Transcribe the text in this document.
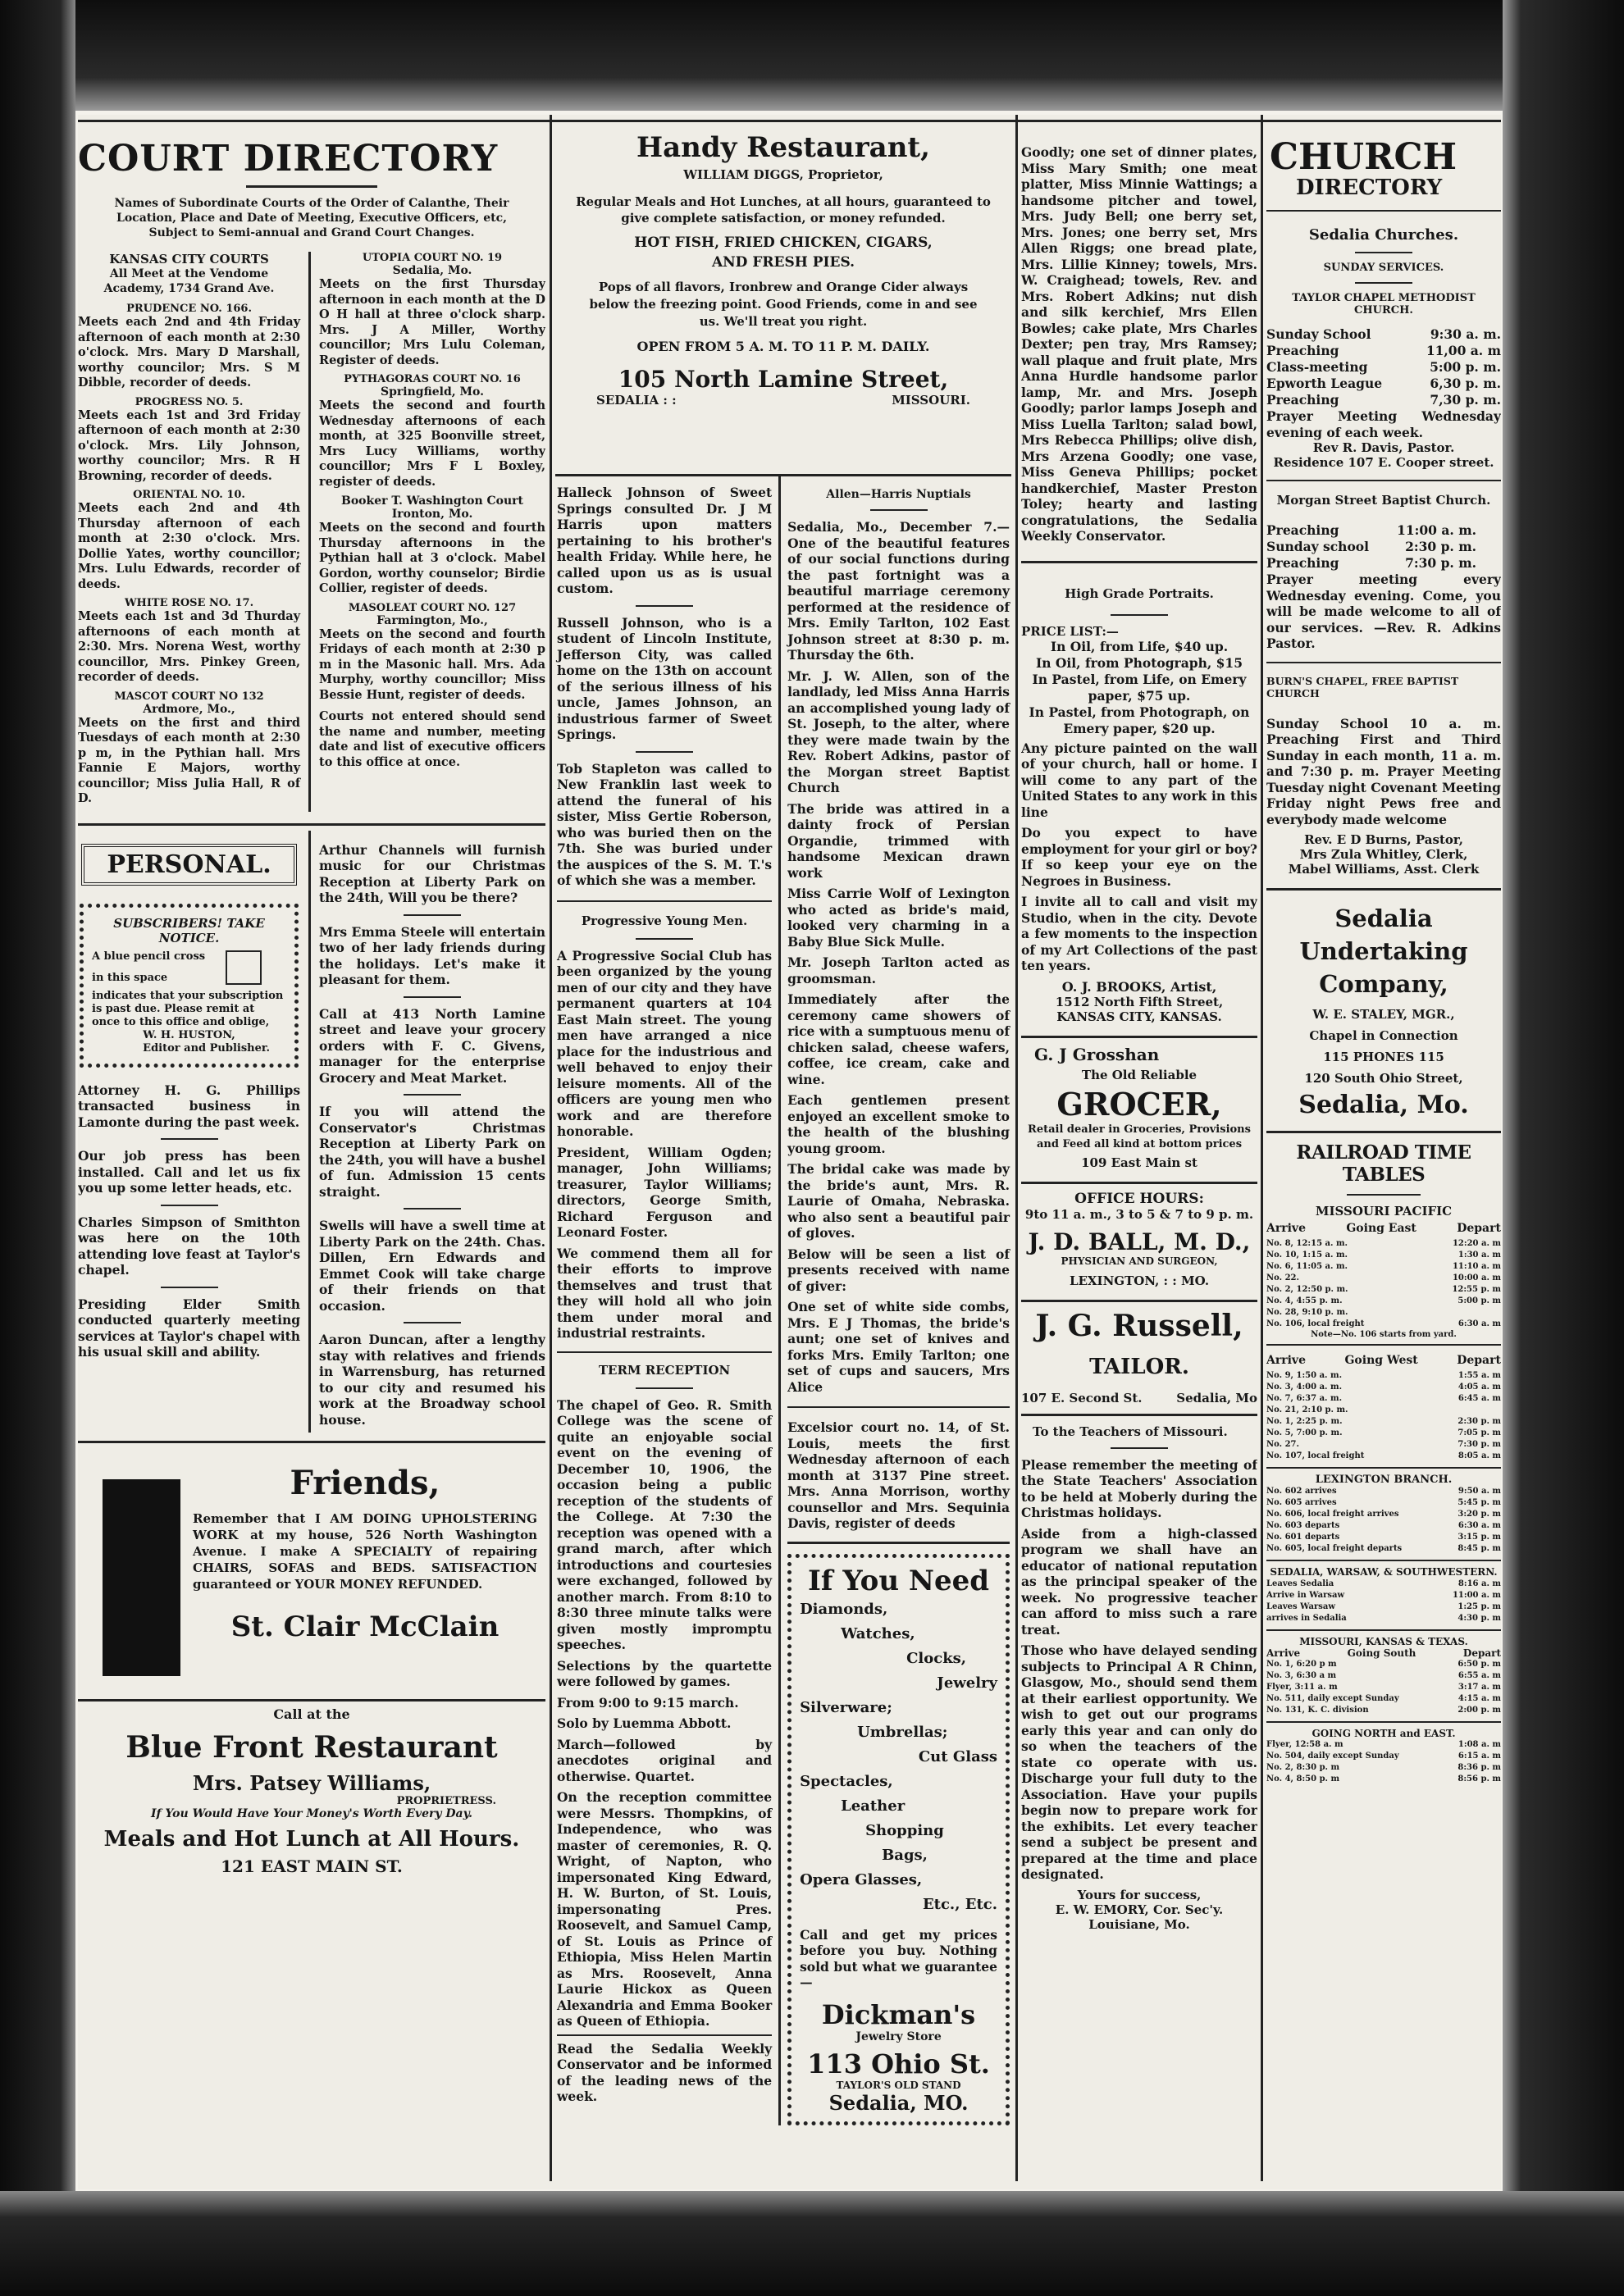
COURT DIRECTORY
Names of Subordinate Courts of the Order of Calanthe, Their Location, Place and Date of Meeting, Executive Officers, etc, Subject to Semi-annual and Grand Court Changes.
KANSAS CITY COURTS
All Meet at the Vendome Academy, 1734 Grand Ave.
PRUDENCE NO. 166.

Meets each 2nd and 4th Friday afternoon of each month at 2:30 o'clock. Mrs. Mary D Marshall, worthy councilor; Mrs. S M Dibble, recorder of deeds.

PROGRESS NO. 5.

Meets each 1st and 3rd Friday afternoon of each month at 2:30 o'clock. Mrs. Lily Johnson, worthy councilor; Mrs. R H Browning, recorder of deeds.

ORIENTAL NO. 10.

Meets each 2nd and 4th Thursday afternoon of each month at 2:30 o'clock. Mrs. Dollie Yates, worthy councillor; Mrs. Lulu Edwards, recorder of deeds.

WHITE ROSE NO. 17.

Meets each 1st and 3d Thurday afternoons of each month at 2:30. Mrs. Norena West, worthy councillor, Mrs. Pinkey Green, recorder of deeds.

MASCOT COURT NO 132
Ardmore, Mo.,

Meets on the first and third Tuesdays of each month at 2:30 p m, in the Pythian hall. Mrs Fannie E Majors, worthy councillor; Miss Julia Hall, R of D.

UTOPIA COURT NO. 19
Sedalia, Mo.

Meets on the first Thursday afternoon in each month at the D O H hall at three o'clock sharp. Mrs. J A Miller, Worthy councillor; Mrs Lulu Coleman, Register of deeds.

PYTHAGORAS COURT NO. 16
Springfield, Mo.

Meets the second and fourth Wednesday afternoons of each month, at 325 Boonville street, Mrs Lucy Williams, worthy councillor; Mrs F L Boxley, register of deeds.

Booker T. Washington Court
Ironton, Mo.

Meets on the second and fourth Thursday afternoons in the Pythian hall at 3 o'clock. Mabel Gordon, worthy counselor; Birdie Collier, register of deeds.

MASOLEAT COURT NO. 127
Farmington, Mo.,

Meets on the second and fourth Fridays of each month at 2:30 p m in the Masonic hall. Mrs. Ada Murphy, worthy councillor; Miss Bessie Hunt, register of deeds.

Courts not entered should send the name and number, meeting date and list of executive officers to this office at once.

PERSONAL.
SUBSCRIBERS! TAKE NOTICE.
A blue pencil cross
in this space
indicates that your subscription is past due. Please remit at once to this office and oblige,
W. H. HUSTON,
Editor and Publisher.

Attorney H. G. Phillips transacted business in Lamonte during the past week.

Our job press has been installed. Call and let us fix you up some letter heads, etc.

Charles Simpson of Smithton was here on the 10th attending love feast at Taylor's chapel.

Presiding Elder Smith conducted quarterly meeting services at Taylor's chapel with his usual skill and ability.

Arthur Channels will furnish music for our Christmas Reception at Liberty Park on the 24th, Will you be there?

Mrs Emma Steele will entertain two of her lady friends during the holidays. Let's make it pleasant for them.

Call at 413 North Lamine street and leave your grocery orders with F. C. Givens, manager for the enterprise Grocery and Meat Market.

If you will attend the Conservator's Christmas Reception at Liberty Park on the 24th, you will have a bushel of fun. Admission 15 cents straight.

Swells will have a swell time at Liberty Park on the 24th. Chas. Dillen, Ern Edwards and Emmet Cook will take charge of their friends on that occasion.

Aaron Duncan, after a lengthy stay with relatives and friends in Warrensburg, has returned to our city and resumed his work at the Broadway school house.

Friends,
Remember that I AM DOING UPHOLSTERING WORK at my house, 526 North Washington Avenue. I make A SPECIALTY of repairing CHAIRS, SOFAS and BEDS. SATISFACTION guaranteed or YOUR MONEY REFUNDED.
St. Clair McClain
Call at the
Blue Front Restaurant
Mrs. Patsey Williams,
PROPRIETRESS.
If You Would Have Your Money's Worth Every Day.
Meals and Hot Lunch at All Hours.
121 EAST MAIN ST.
Handy Restaurant,
WILLIAM DIGGS, Proprietor,
Regular Meals and Hot Lunches, at all hours, guaranteed to give complete satisfaction, or money refunded.
HOT FISH, FRIED CHICKEN, CIGARS, AND FRESH PIES.
Pops of all flavors, Ironbrew and Orange Cider always below the freezing point. Good Friends, come in and see us. We'll treat you right.
OPEN FROM 5 A. M. TO 11 P. M. DAILY.
105 North Lamine Street,
SEDALIA : :	MISSOURI.

Halleck Johnson of Sweet Springs consulted Dr. J M Harris upon matters pertaining to his brother's health Friday. While here, he called upon us as is usual custom.

Russell Johnson, who is a student of Lincoln Institute, Jefferson City, was called home on the 13th on account of the serious illness of his uncle, James Johnson, an industrious farmer of Sweet Springs.

Tob Stapleton was called to New Franklin last week to attend the funeral of his sister, Miss Gertie Roberson, who was buried then on the 7th. She was buried under the auspices of the S. M. T.'s of which she was a member.

Progressive Young Men.

A Progressive Social Club has been organized by the young men of our city and they have permanent quarters at 104 East Main street. The young men have arranged a nice place for the industrious and well behaved to enjoy their leisure moments. All of the officers are young men who work and are therefore honorable.

President, William Ogden; manager, John Williams; treasurer, Taylor Williams; directors, George Smith, Richard Ferguson and Leonard Foster.

We commend them all for their efforts to improve themselves and trust that they will hold all who join them under moral and industrial restraints.

TERM RECEPTION

The chapel of Geo. R. Smith College was the scene of quite an enjoyable social event on the evening of December 10, 1906, the occasion being a public reception of the students of the College. At 7:30 the reception was opened with a grand march, after which introductions and courtesies were exchanged, followed by another march. From 8:10 to 8:30 three minute talks were given mostly impromptu speeches.

Selections by the quartette were followed by games.

From 9:00 to 9:15 march.

Solo by Luemma Abbott.

March—followed by anecdotes original and otherwise. Quartet.

On the reception committee were Messrs. Thompkins, of Independence, who was master of ceremonies, R. Q. Wright, of Napton, who impersonated King Edward, H. W. Burton, of St. Louis, impersonating Pres. Roosevelt, and Samuel Camp, of St. Louis as Prince of Ethiopia, Miss Helen Martin as Mrs. Roosevelt, Anna Laurie Hickox as Queen Alexandria and Emma Booker as Queen of Ethiopia.

Read the Sedalia Weekly Conservator and be informed of the leading news of the week.

Allen—Harris Nuptials

Sedalia, Mo., December 7.—One of the beautiful features of our social functions during the past fortnight was a beautiful marriage ceremony performed at the residence of Mrs. Emily Tarlton, 102 East Johnson street at 8:30 p. m. Thursday the 6th.

Mr. J. W. Allen, son of the landlady, led Miss Anna Harris an accomplished young lady of St. Joseph, to the alter, where they were made twain by the Rev. Robert Adkins, pastor of the Morgan street Baptist Church

The bride was attired in a dainty frock of Persian Organdie, trimmed with handsome Mexican drawn work

Miss Carrie Wolf of Lexington who acted as bride's maid, looked very charming in a Baby Blue Sick Mulle.

Mr. Joseph Tarlton acted as groomsman.

Immediately after the ceremony came showers of rice with a sumptuous menu of chicken salad, cheese wafers, coffee, ice cream, cake and wine.

Each gentlemen present enjoyed an excellent smoke to the health of the blushing young groom.

The bridal cake was made by the bride's aunt, Mrs. R. Laurie of Omaha, Nebraska. who also sent a beautiful pair of gloves.

Below will be seen a list of presents received with name of giver:

One set of white side combs, Mrs. E J Thomas, the bride's aunt; one set of knives and forks Mrs. Emily Tarlton; one set of cups and saucers, Mrs Alice

Excelsior court no. 14, of St. Louis, meets the first Wednesday afternoon of each month at 3137 Pine street. Mrs. Anna Morrison, worthy counsellor and Mrs. Sequinia Davis, register of deeds

If You Need
Diamonds,
Watches,
Clocks,
Jewelry
Silverware;
Umbrellas;
Cut Glass
Spectacles,
Leather
Shopping
Bags,
Opera Glasses,
Etc., Etc.
Call and get my prices before you buy. Nothing sold but what we guarantee—
Dickman's
Jewelry Store
113 Ohio St.
TAYLOR'S OLD STAND
Sedalia, MO.

Goodly; one set of dinner plates, Miss Mary Smith; one meat platter, Miss Minnie Wattings; a handsome pitcher and towel, Mrs. Judy Bell; one berry set, Mrs. Jones; one berry set, Mrs Allen Riggs; one bread plate, Mrs. Lillie Kinney; towels, Mrs. W. Craighead; towels, Rev. and Mrs. Robert Adkins; nut dish and silk kerchief, Mrs Ellen Bowles; cake plate, Mrs Charles Dexter; pen tray, Mrs Ramsey; wall plaque and fruit plate, Mrs Anna Hurdle handsome parlor lamp, Mr. and Mrs. Joseph Goodly; parlor lamps Joseph and Miss Luella Tarlton; salad bowl, Mrs Rebecca Phillips; olive dish, Mrs Arzena Goodly; one vase, Miss Geneva Phillips; pocket handkerchief, Master Preston Toley; hearty and lasting congratulations, the Sedalia Weekly Conservator.

High Grade Portraits.
PRICE LIST:—
In Oil, from Life, $40 up.
In Oil, from Photograph, $15
In Pastel, from Life, on Emery paper, $75 up.
In Pastel, from Photograph, on Emery paper, $20 up.

Any picture painted on the wall of your church, hall or home. I will come to any part of the United States to any work in this line

Do you expect to have employment for your girl or boy? If so keep your eye on the Negroes in Business.

I invite all to call and visit my Studio, when in the city. Devote a few moments to the inspection of my Art Collections of the past ten years.

O. J. BROOKS, Artist,
1512 North Fifth Street,
KANSAS CITY, KANSAS.
G. J Grosshan
The Old Reliable
GROCER,
Retail dealer in Groceries, Provisions and Feed all kind at bottom prices
109 East Main st
OFFICE HOURS:
9to 11 a. m., 3 to 5 & 7 to 9 p. m.
J. D. BALL, M. D.,
PHYSICIAN AND SURGEON,
LEXINGTON, : : MO.
J. G. Russell,
TAILOR.
107 E. Second St.	Sedalia, Mo
To the Teachers of Missouri.

Please remember the meeting of the State Teachers' Association to be held at Moberly during the Christmas holidays.

Aside from a high-classed program we shall have an educator of national reputation as the principal speaker of the week. No progressive teacher can afford to miss such a rare treat.

Those who have delayed sending subjects to Principal A R Chinn, Glasgow, Mo., should send them at their earliest opportunity. We wish to get out our programs early this year and can only do so when the teachers of the state co operate with us. Discharge your full duty to the Association. Have your pupils begin now to prepare work for the exhibits. Let every teacher send a subject be present and prepared at the time and place designated.

Yours for success,
E. W. EMORY, Cor. Sec'y.
Louisiane, Mo.
CHURCH
DIRECTORY
Sedalia Churches.
SUNDAY SERVICES.
TAYLOR CHAPEL METHODIST CHURCH.
Sunday School	9:30 a. m.
Preaching	11,00 a. m
Class-meeting	5:00 p. m.
Epworth League	6,30 p. m.
Preaching	7,30 p. m.

Prayer Meeting Wednesday evening of each week.

Rev R. Davis, Pastor.
Residence 107 E. Cooper street.
Morgan Street Baptist Church.
Preaching	11:00 a. m.
Sunday school	2:30 p. m.
Preaching	7:30 p. m.

Prayer meeting every Wednesday evening. Come, you will be made welcome to all of our services. —Rev. R. Adkins Pastor.

BURN'S CHAPEL, FREE BAPTIST CHURCH

Sunday School 10 a. m. Preaching First and Third Sunday in each month, 11 a. m. and 7:30 p. m. Prayer Meeting Tuesday night Covenant Meeting Friday night Pews free and everybody made welcome

Rev. E D Burns, Pastor,
Mrs Zula Whitley, Clerk,
Mabel Williams, Asst. Clerk
Sedalia Undertaking Company,
W. E. STALEY, MGR.,
Chapel in Connection
115 PHONES 115
120 South Ohio Street,
Sedalia, Mo.
RAILROAD TIME TABLES
MISSOURI PACIFIC
Arrive	Going East	Depart
No. 8, 12:15 a. m.	12:20 a. m
No. 10, 1:15 a. m.	1:30 a. m
No. 6, 11:05 a. m.	11:10 a. m
No. 22.	10:00 a. m
No. 2, 12:50 p. m.	12:55 p. m
No. 4, 4:55 p. m.	5:00 p. m
No. 28, 9:10 p. m.
No. 106, local freight	6:30 a. m
Note—No. 106 starts from yard.
Arrive	Going West	Depart
No. 9, 1:50 a. m.	1:55 a. m
No. 3, 4:00 a. m.	4:05 a. m
No. 7, 6:37 a. m.	6:45 a. m
No. 21, 2:10 p. m.
No. 1, 2:25 p. m.	2:30 p. m
No. 5, 7:00 p. m.	7:05 p. m
No. 27.	7:30 p. m
No. 107, local freight	8:05 a. m
LEXINGTON BRANCH.
No. 602 arrives	9:50 a. m
No. 605 arrives	5:45 p. m
No. 606, local freight arrives	3:20 p. m
No. 603 departs	6:30 a. m
No. 601 departs	3:15 p. m
No. 605, local freight departs	8:45 p. m
SEDALIA, WARSAW, & SOUTHWESTERN.
Leaves Sedalia	8:16 a. m
Arrive in Warsaw	11:00 a. m
Leaves Warsaw	1:25 p. m
arrives in Sedalia	4:30 p. m
MISSOURI, KANSAS & TEXAS.
Arrive	Going South	Depart
No. 1, 6:20 p m	6:50 p. m
No. 3, 6:30 a m	6:55 a. m
Flyer, 3:11 a. m	3:17 a. m
No. 511, daily except Sunday	4:15 a. m
No. 131, K. C. division	2:00 p. m
GOING NORTH and EAST.
Flyer, 12:58 a. m	1:08 a. m
No. 504, daily except Sunday	6:15 a. m
No. 2, 8:30 p. m	8:36 p. m
No. 4, 8:50 p. m	8:56 p. m
